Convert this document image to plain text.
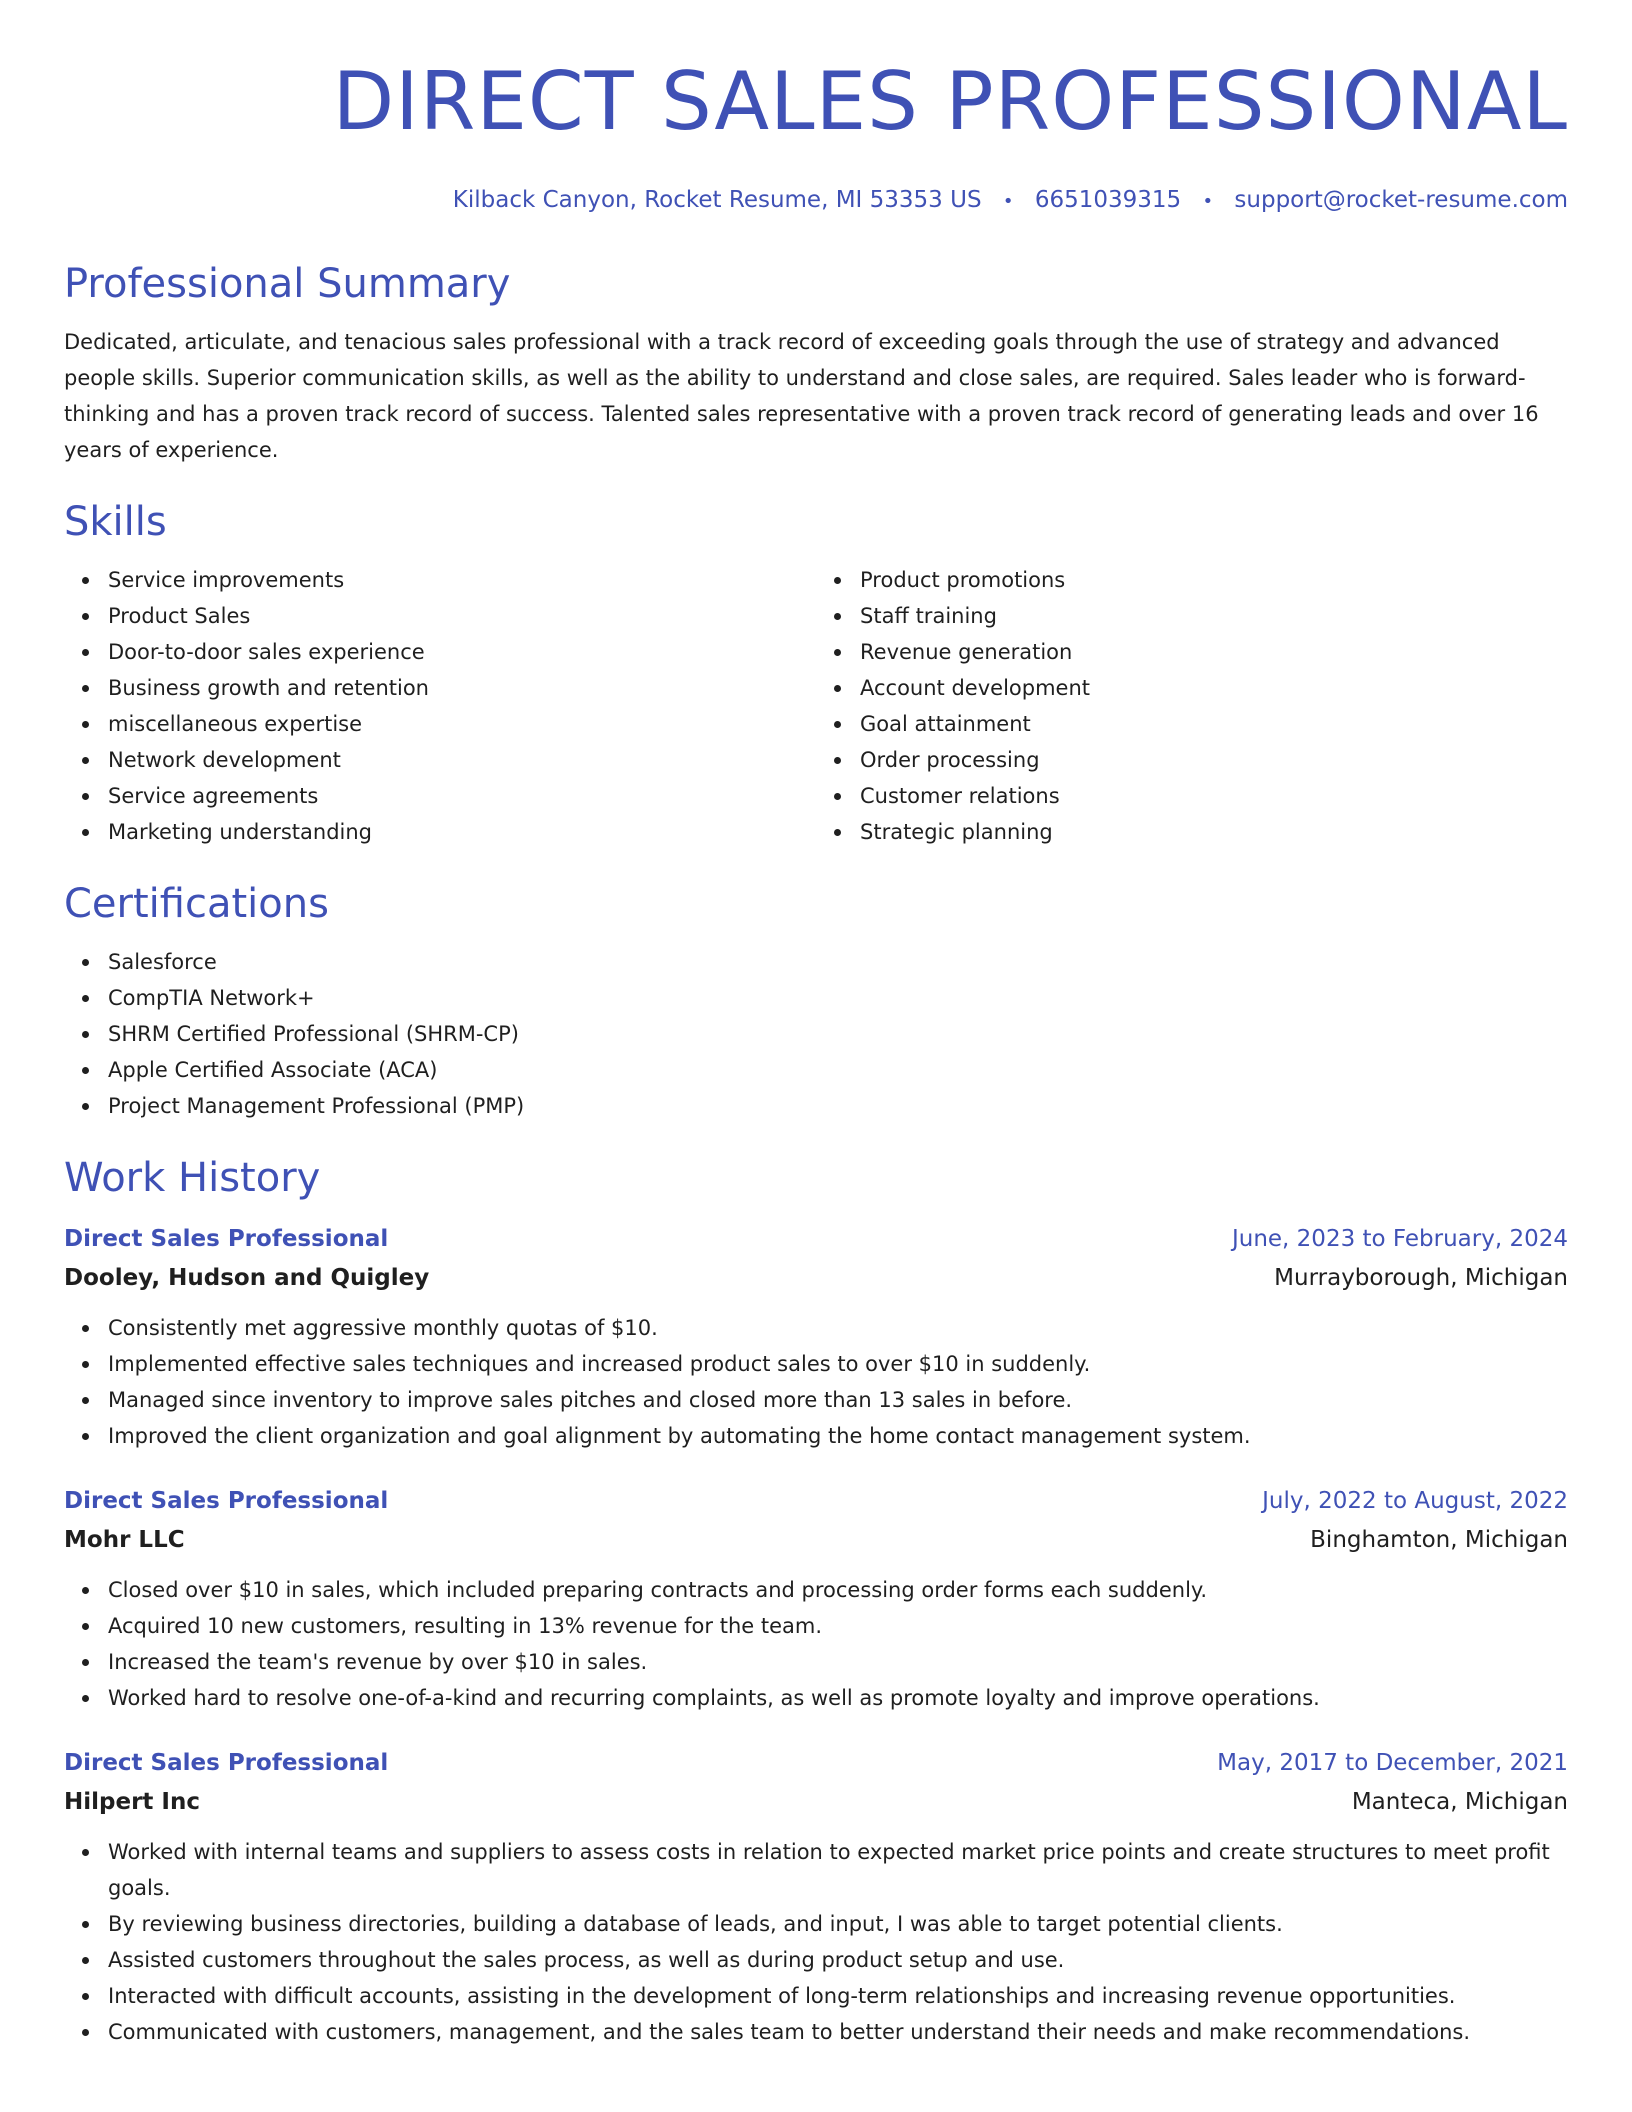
DIRECT SALES PROFESSIONAL
Kilback Canyon, Rocket Resume, MI 53353 US • 6651039315 • support@rocket-resume.com
Professional Summary

Dedicated, articulate, and tenacious sales professional with a track record of exceeding goals through the use of strategy and advanced people skills. Superior communication skills, as well as the ability to understand and close sales, are required. Sales leader who is forward-thinking and has a proven track record of success. Talented sales representative with a proven track record of generating leads and over 16 years of experience.

Skills
Service improvements
Product Sales
Door-to-door sales experience
Business growth and retention
miscellaneous expertise
Network development
Service agreements
Marketing understanding
Product promotions
Staff training
Revenue generation
Account development
Goal attainment
Order processing
Customer relations
Strategic planning
Certifications
Salesforce
CompTIA Network+
SHRM Certified Professional (SHRM-CP)
Apple Certified Associate (ACA)
Project Management Professional (PMP)
Work History
Direct Sales Professional	June, 2023 to February, 2024
Dooley, Hudson and Quigley	Murrayborough, Michigan
Consistently met aggressive monthly quotas of $10.
Implemented effective sales techniques and increased product sales to over $10 in suddenly.
Managed since inventory to improve sales pitches and closed more than 13 sales in before.
Improved the client organization and goal alignment by automating the home contact management system.
Direct Sales Professional	July, 2022 to August, 2022
Mohr LLC	Binghamton, Michigan
Closed over $10 in sales, which included preparing contracts and processing order forms each suddenly.
Acquired 10 new customers, resulting in 13% revenue for the team.
Increased the team's revenue by over $10 in sales.
Worked hard to resolve one-of-a-kind and recurring complaints, as well as promote loyalty and improve operations.
Direct Sales Professional	May, 2017 to December, 2021
Hilpert Inc	Manteca, Michigan
Worked with internal teams and suppliers to assess costs in relation to expected market price points and create structures to meet profit goals.
By reviewing business directories, building a database of leads, and input, I was able to target potential clients.
Assisted customers throughout the sales process, as well as during product setup and use.
Interacted with difficult accounts, assisting in the development of long-term relationships and increasing revenue opportunities.
Communicated with customers, management, and the sales team to better understand their needs and make recommendations.
